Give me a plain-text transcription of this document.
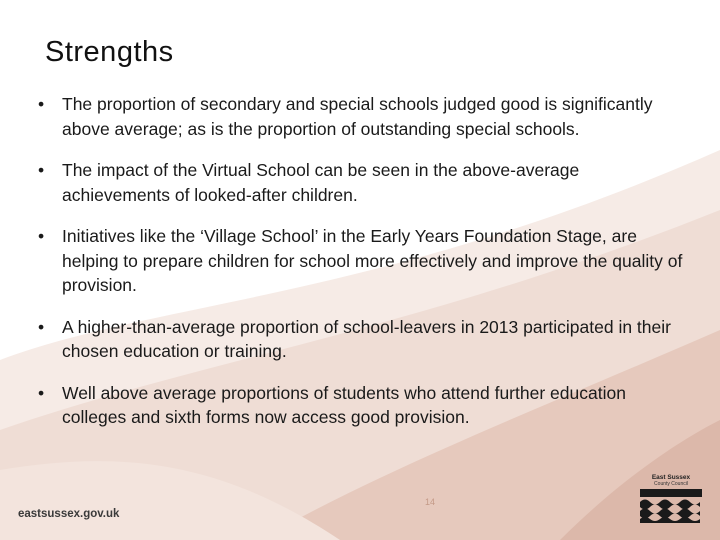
Strengths
• The proportion of secondary and special schools judged good is significantly above average; as is the proportion of outstanding special schools.
• The impact of the Virtual School can be seen in the above-average achievements of looked-after children.
• Initiatives like the ‘Village School’ in the Early Years Foundation Stage, are helping to prepare children for school more effectively and improve the quality of provision.
• A higher-than-average proportion of school-leavers in 2013 participated in their chosen education or training.
• Well above average proportions of students who attend further education colleges and sixth forms now access good provision.
eastsussex.gov.uk
14
East Sussex
County Council
